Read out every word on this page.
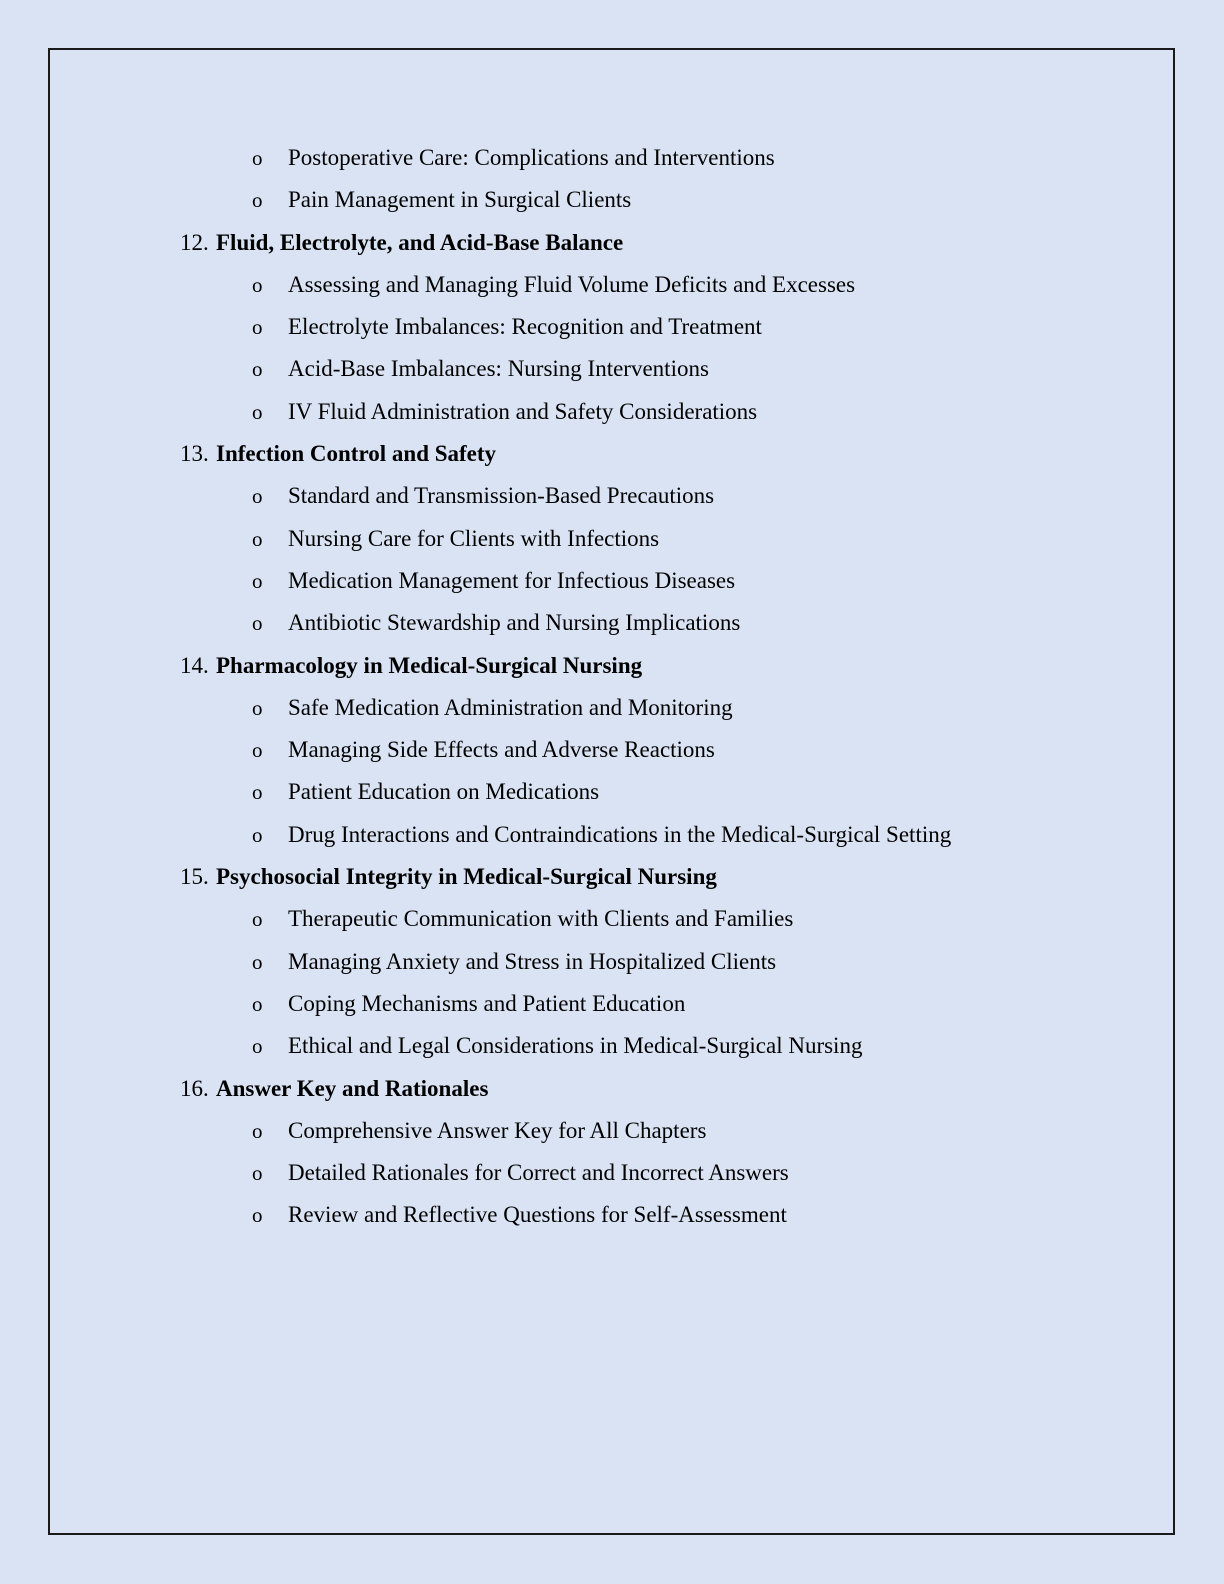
o Postoperative Care: Complications and Interventions
o Pain Management in Surgical Clients
12. Fluid, Electrolyte, and Acid-Base Balance
o Assessing and Managing Fluid Volume Deficits and Excesses
o Electrolyte Imbalances: Recognition and Treatment
o Acid-Base Imbalances: Nursing Interventions
o IV Fluid Administration and Safety Considerations
13. Infection Control and Safety
o Standard and Transmission-Based Precautions
o Nursing Care for Clients with Infections
o Medication Management for Infectious Diseases
o Antibiotic Stewardship and Nursing Implications
14. Pharmacology in Medical-Surgical Nursing
o Safe Medication Administration and Monitoring
o Managing Side Effects and Adverse Reactions
o Patient Education on Medications
o Drug Interactions and Contraindications in the Medical-Surgical Setting
15. Psychosocial Integrity in Medical-Surgical Nursing
o Therapeutic Communication with Clients and Families
o Managing Anxiety and Stress in Hospitalized Clients
o Coping Mechanisms and Patient Education
o Ethical and Legal Considerations in Medical-Surgical Nursing
16. Answer Key and Rationales
o Comprehensive Answer Key for All Chapters
o Detailed Rationales for Correct and Incorrect Answers
o Review and Reflective Questions for Self-Assessment
